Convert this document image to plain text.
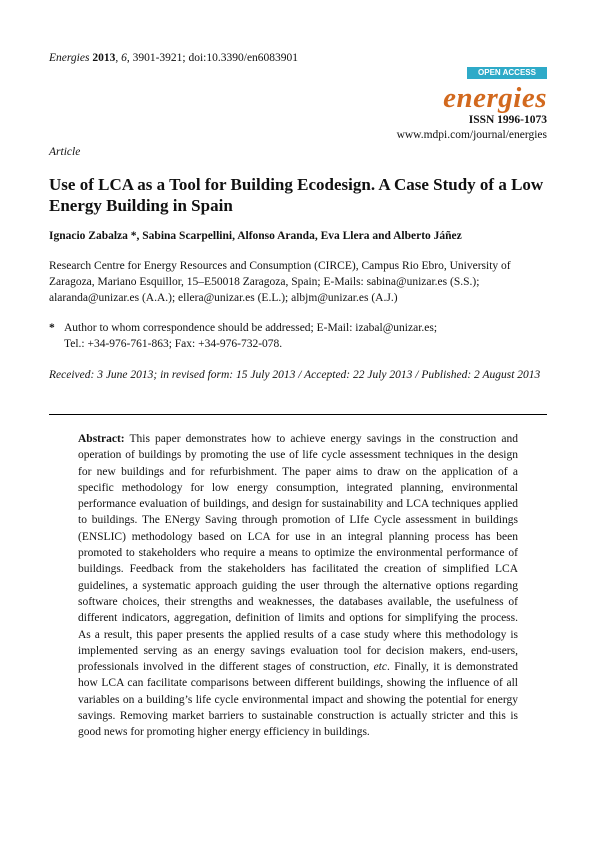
Energies 2013, 6, 3901-3921; doi:10.3390/en6083901
OPEN ACCESS
energies
ISSN 1996-1073
www.mdpi.com/journal/energies
Article
Use of LCA as a Tool for Building Ecodesign. A Case Study of a Low Energy Building in Spain
Ignacio Zabalza *, Sabina Scarpellini, Alfonso Aranda, Eva Llera and Alberto Jáñez
Research Centre for Energy Resources and Consumption (CIRCE), Campus Rio Ebro, University of Zaragoza, Mariano Esquillor, 15–E50018 Zaragoza, Spain; E-Mails: sabina@unizar.es (S.S.); alaranda@unizar.es (A.A.); ellera@unizar.es (E.L.); albjm@unizar.es (A.J.)
* Author to whom correspondence should be addressed; E-Mail: izabal@unizar.es;
Tel.: +34-976-761-863; Fax: +34-976-732-078.
Received: 3 June 2013; in revised form: 15 July 2013 / Accepted: 22 July 2013 / Published: 2 August 2013

Abstract: This paper demonstrates how to achieve energy savings in the construction and operation of buildings by promoting the use of life cycle assessment techniques in the design for new buildings and for refurbishment. The paper aims to draw on the application of a specific methodology for low energy consumption, integrated planning, environmental performance evaluation of buildings, and design for sustainability and LCA techniques applied to buildings. The ENergy Saving through promotion of LIfe Cycle assessment in buildings (ENSLIC) methodology based on LCA for use in an integral planning process has been promoted to stakeholders who require a means to optimize the environmental performance of buildings. Feedback from the stakeholders has facilitated the creation of simplified LCA guidelines, a systematic approach guiding the user through the alternative options regarding software choices, their strengths and weaknesses, the databases available, the usefulness of different indicators, aggregation, definition of limits and options for simplifying the process. As a result, this paper presents the applied results of a case study where this methodology is implemented serving as an energy savings evaluation tool for decision makers, end-users, professionals involved in the different stages of construction, etc. Finally, it is demonstrated how LCA can facilitate comparisons between different buildings, showing the influence of all variables on a building’s life cycle environmental impact and showing the potential for energy savings. Removing market barriers to sustainable construction is actually stricter and this is good news for promoting higher energy efficiency in buildings.
